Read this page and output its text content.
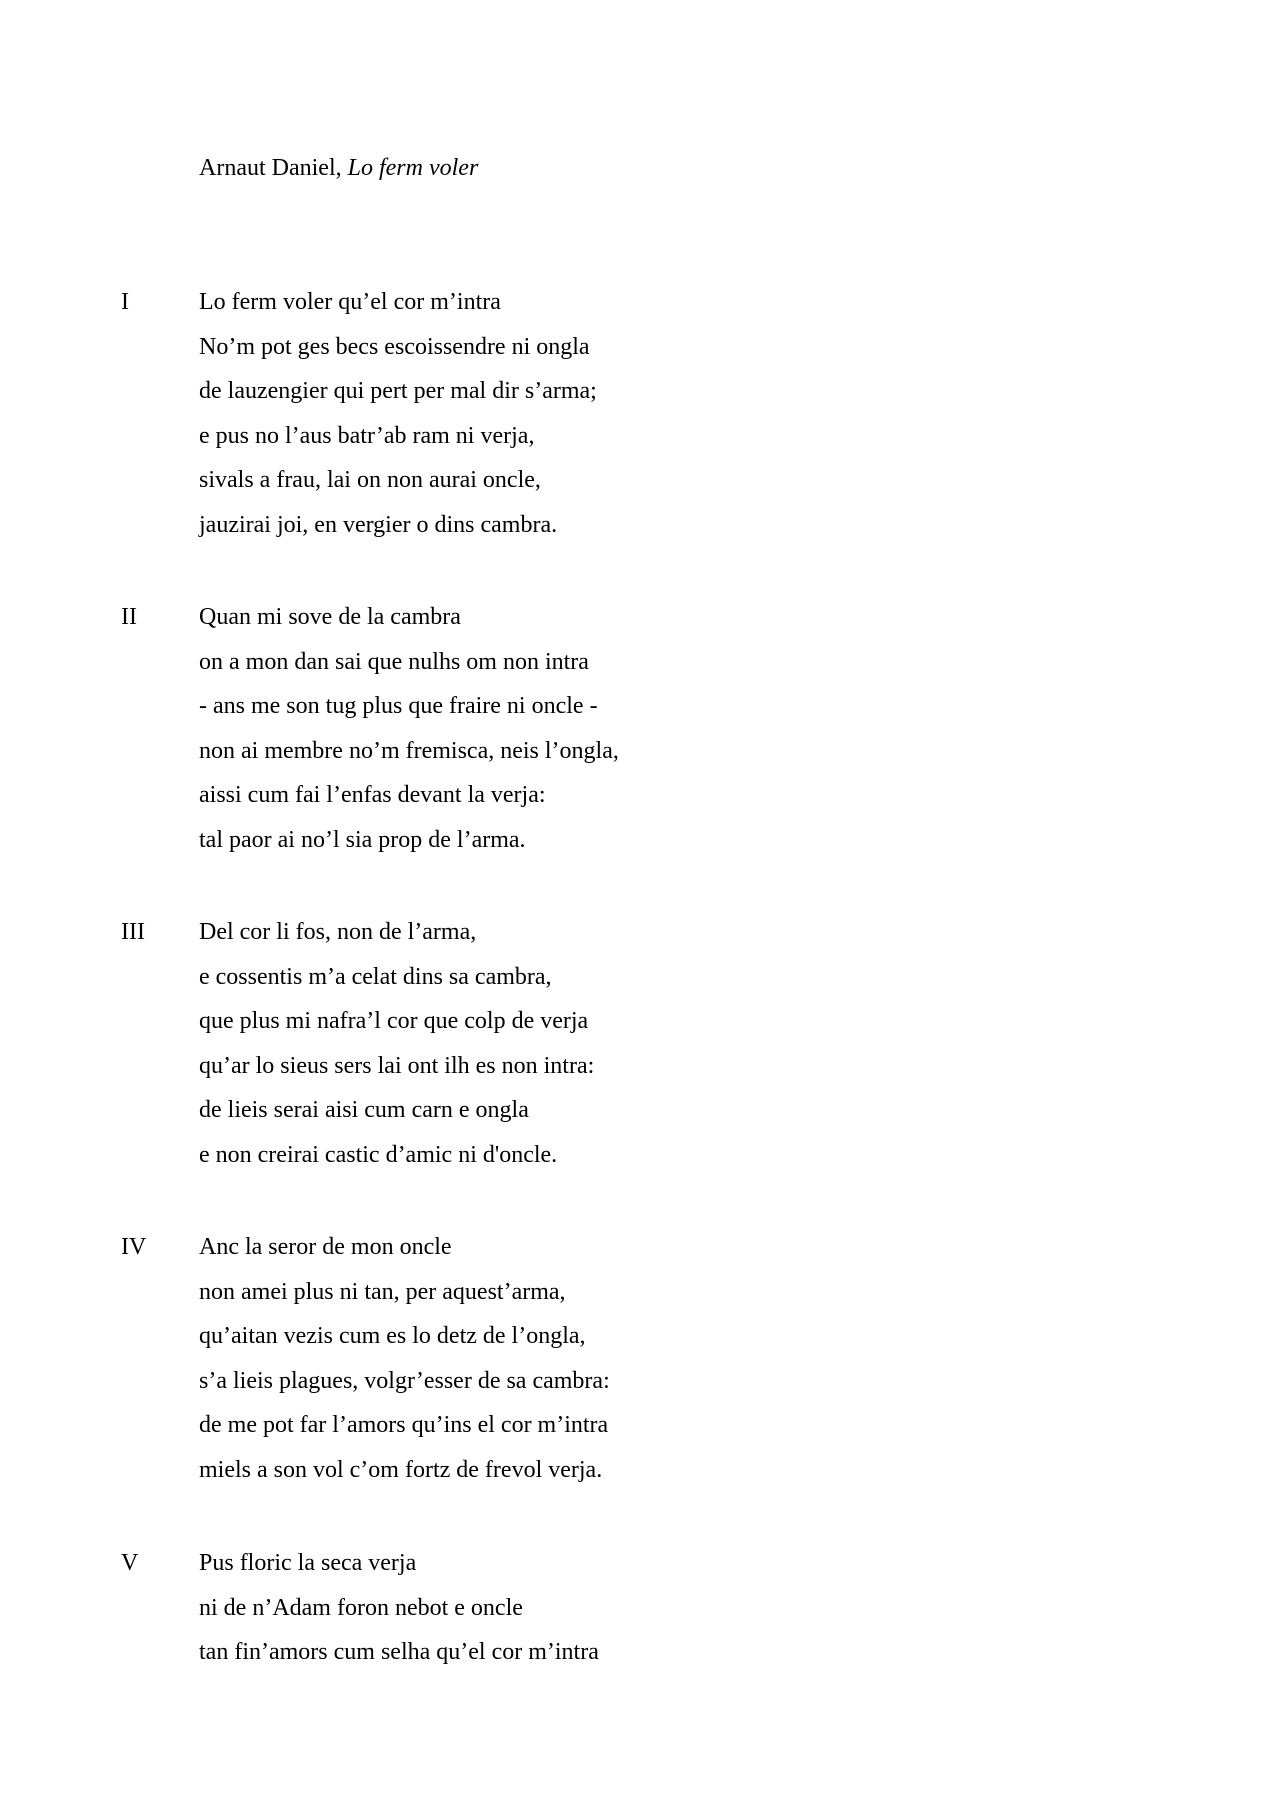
Arnaut Daniel, Lo ferm voler
I	Lo ferm voler qu’el cor m’intra
No’m pot ges becs escoissendre ni ongla
de lauzengier qui pert per mal dir s’arma;
e pus no l’aus batr’ab ram ni verja,
sivals a frau, lai on non aurai oncle,
jauzirai joi, en vergier o dins cambra.
II	Quan mi sove de la cambra
on a mon dan sai que nulhs om non intra
- ans me son tug plus que fraire ni oncle -
non ai membre no’m fremisca, neis l’ongla,
aissi cum fai l’enfas devant la verja:
tal paor ai no’l sia prop de l’arma.
III Del cor li fos, non de l’arma,
e cossentis m’a celat dins sa cambra,
que plus mi nafra’l cor que colp de verja
qu’ar lo sieus sers lai ont ilh es non intra:
de lieis serai aisi cum carn e ongla
e non creirai castic d’amic ni d'oncle.
IV Anc la seror de mon oncle
non amei plus ni tan, per aquest’arma,
qu’aitan vezis cum es lo detz de l’ongla,
s’a lieis plagues, volgr’esser de sa cambra:
de me pot far l’amors qu’ins el cor m’intra
miels a son vol c’om fortz de frevol verja.
V	Pus floric la seca verja
ni de n’Adam foron nebot e oncle
tan fin’amors cum selha qu’el cor m’intra
